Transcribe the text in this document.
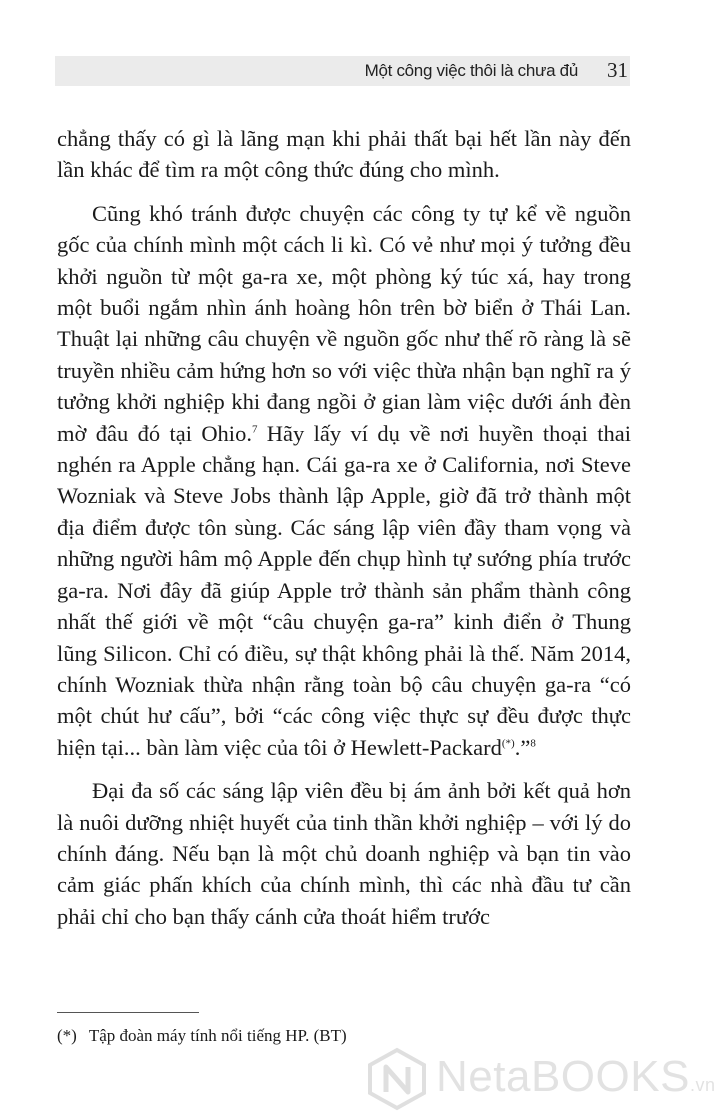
Một công việc thôi là chưa đủ 31

chẳng thấy có gì là lãng mạn khi phải thất bại hết lần này đến lần khác để tìm ra một công thức đúng cho mình.

Cũng khó tránh được chuyện các công ty tự kể về nguồn gốc của chính mình một cách li kì. Có vẻ như mọi ý tưởng đều khởi nguồn từ một ga-ra xe, một phòng ký túc xá, hay trong một buổi ngắm nhìn ánh hoàng hôn trên bờ biển ở Thái Lan. Thuật lại những câu chuyện về nguồn gốc như thế rõ ràng là sẽ truyền nhiều cảm hứng hơn so với việc thừa nhận bạn nghĩ ra ý tưởng khởi nghiệp khi đang ngồi ở gian làm việc dưới ánh đèn mờ đâu đó tại Ohio.$^7$ Hãy lấy ví dụ về nơi huyền thoại thai nghén ra Apple chẳng hạn. Cái ga-ra xe ở California, nơi Steve Wozniak và Steve Jobs thành lập Apple, giờ đã trở thành một địa điểm được tôn sùng. Các sáng lập viên đầy tham vọng và những người hâm mộ Apple đến chụp hình tự sướng phía trước ga-ra. Nơi đây đã giúp Apple trở thành sản phẩm thành công nhất thế giới về một “câu chuyện ga-ra” kinh điển ở Thung lũng Silicon. Chỉ có điều, sự thật không phải là thế. Năm 2014, chính Wozniak thừa nhận rằng toàn bộ câu chuyện ga-ra “có một chút hư cấu”, bởi “các công việc thực sự đều được thực hiện tại... bàn làm việc của tôi ở Hewlett-Packard(*).”$^8$

Đại đa số các sáng lập viên đều bị ám ảnh bởi kết quả hơn là nuôi dưỡng nhiệt huyết của tinh thần khởi nghiệp – với lý do chính đáng. Nếu bạn là một chủ doanh nghiệp và bạn tin vào cảm giác phấn khích của chính mình, thì các nhà đầu tư cần phải chỉ cho bạn thấy cánh cửa thoát hiểm trước

(*) Tập đoàn máy tính nổi tiếng HP. (BT)
NetaBOOKS.vn
